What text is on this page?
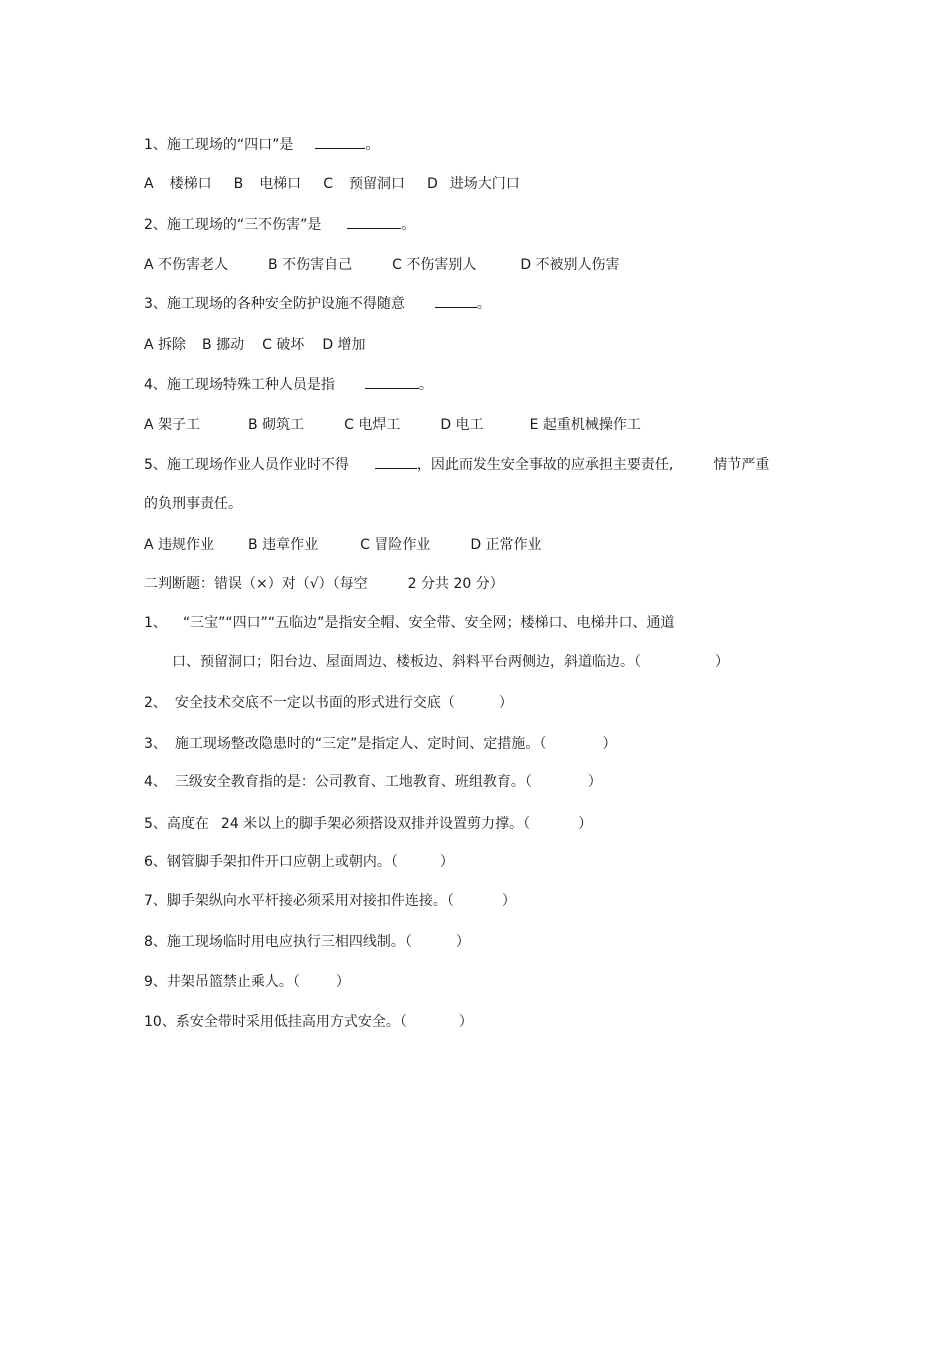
1、施工现场的“四口”是	。
A 楼梯口 B 电梯口 C 预留洞口 D 进场大门口
2、施工现场的“三不伤害”是	。
A 不伤害老人	B 不伤害自己	C 不伤害别人	D 不被别人伤害
3、施工现场的各种安全防护设施不得随意	。
A 拆除 B 挪动 C 破坏 D 增加
4、施工现场特殊工种人员是指	。
A 架子工	B 砌筑工	C 电焊工	D 电工	E 起重机械操作工
5、施工现场作业人员作业时不得	，因此而发生安全事故的应承担主要责任,	情节严重
的负刑事责任。
A 违规作业 B 违章作业	C 冒险作业	D 正常作业
二判断题：错误（×）对（√）（每空	2 分共 20 分）
1、 “三宝”“四口”“五临边”是指安全帽、安全带、安全网；楼梯口、电梯井口、通道
口、预留洞口；阳台边、屋面周边、楼板边、斜料平台两侧边，斜道临边。（	）
2、 安全技术交底不一定以书面的形式进行交底（	）
3、 施工现场整改隐患时的“三定”是指定人、定时间、定措施。（	）
4、 三级安全教育指的是：公司教育、工地教育、班组教育。（	）
5、高度在 24 米以上的脚手架必须搭设双排并设置剪力撑。（	）
6、钢管脚手架扣件开口应朝上或朝内。（	）
7、脚手架纵向水平杆接必须采用对接扣件连接。（	）
8、施工现场临时用电应执行三相四线制。（	）
9、井架吊篮禁止乘人。（	）
10、系安全带时采用低挂高用方式安全。（	）
